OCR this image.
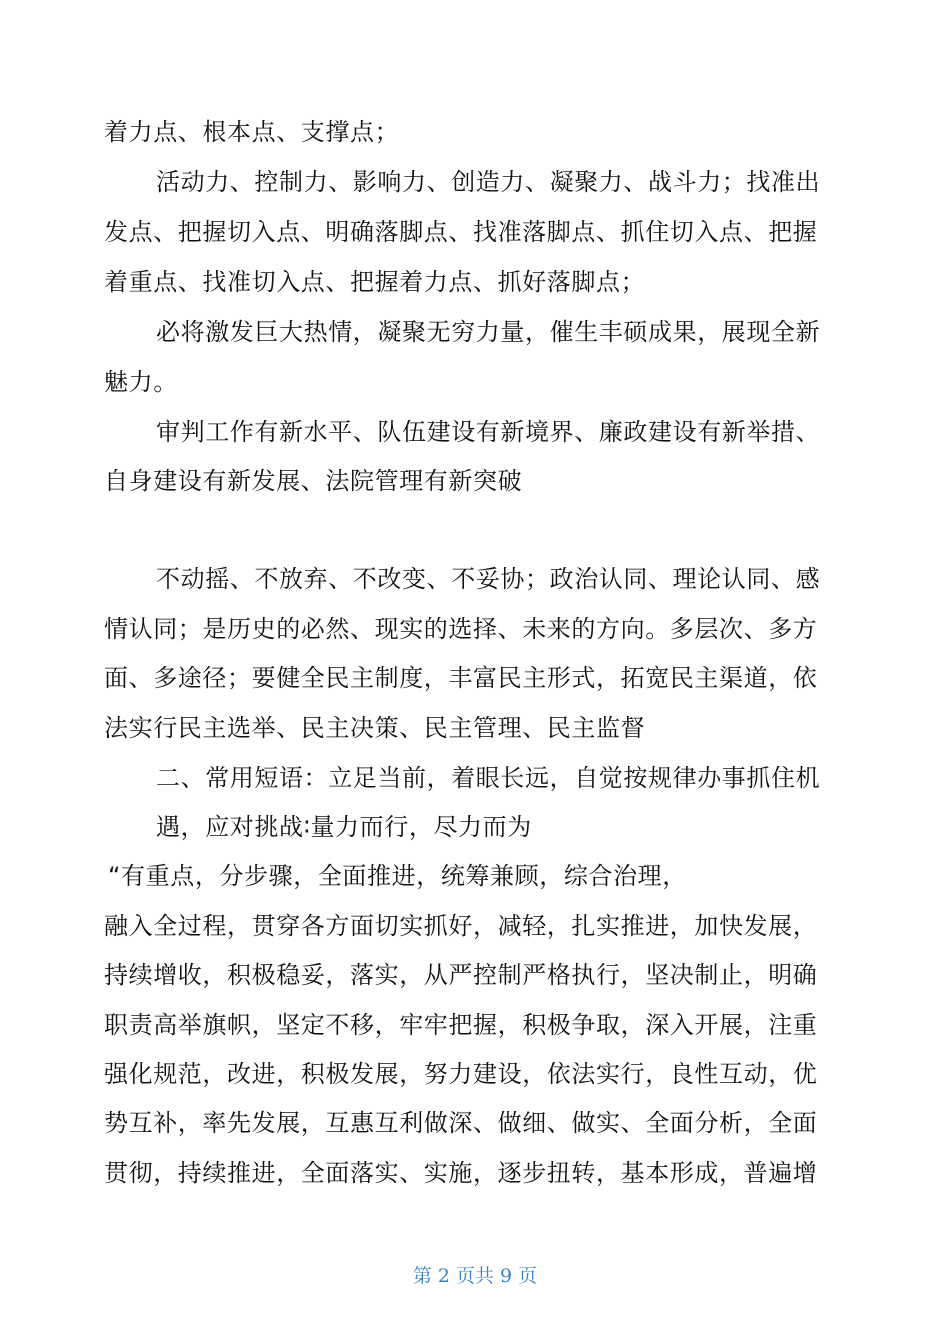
着力点、根本点、支撑点；
活动力、控制力、影响力、创造力、凝聚力、战斗力；找准出
发点、把握切入点、明确落脚点、找准落脚点、抓住切入点、把握
着重点、找准切入点、把握着力点、抓好落脚点；
必将激发巨大热情，凝聚无穷力量，催生丰硕成果，展现全新
魅力。
审判工作有新水平、队伍建设有新境界、廉政建设有新举措、
自身建设有新发展、法院管理有新突破
不动摇、不放弃、不改变、不妥协；政治认同、理论认同、感
情认同；是历史的必然、现实的选择、未来的方向。多层次、多方
面、多途径；要健全民主制度，丰富民主形式，拓宽民主渠道，依
法实行民主选举、民主决策、民主管理、民主监督
二、常用短语：立足当前，着眼长远，自觉按规律办事抓住机
遇，应对挑战∶量力而行，尽力而为
“有重点，分步骤，全面推进，统筹兼顾，综合治理，
融入全过程，贯穿各方面切实抓好，减轻，扎实推进，加快发展，
持续增收，积极稳妥，落实，从严控制严格执行，坚决制止，明确
职责高举旗帜，坚定不移，牢牢把握，积极争取，深入开展，注重
强化规范，改进，积极发展，努力建设，依法实行，良性互动，优
势互补，率先发展，互惠互利做深、做细、做实、全面分析，全面
贯彻，持续推进，全面落实、实施，逐步扭转，基本形成，普遍增
第 2 页共 9 页
